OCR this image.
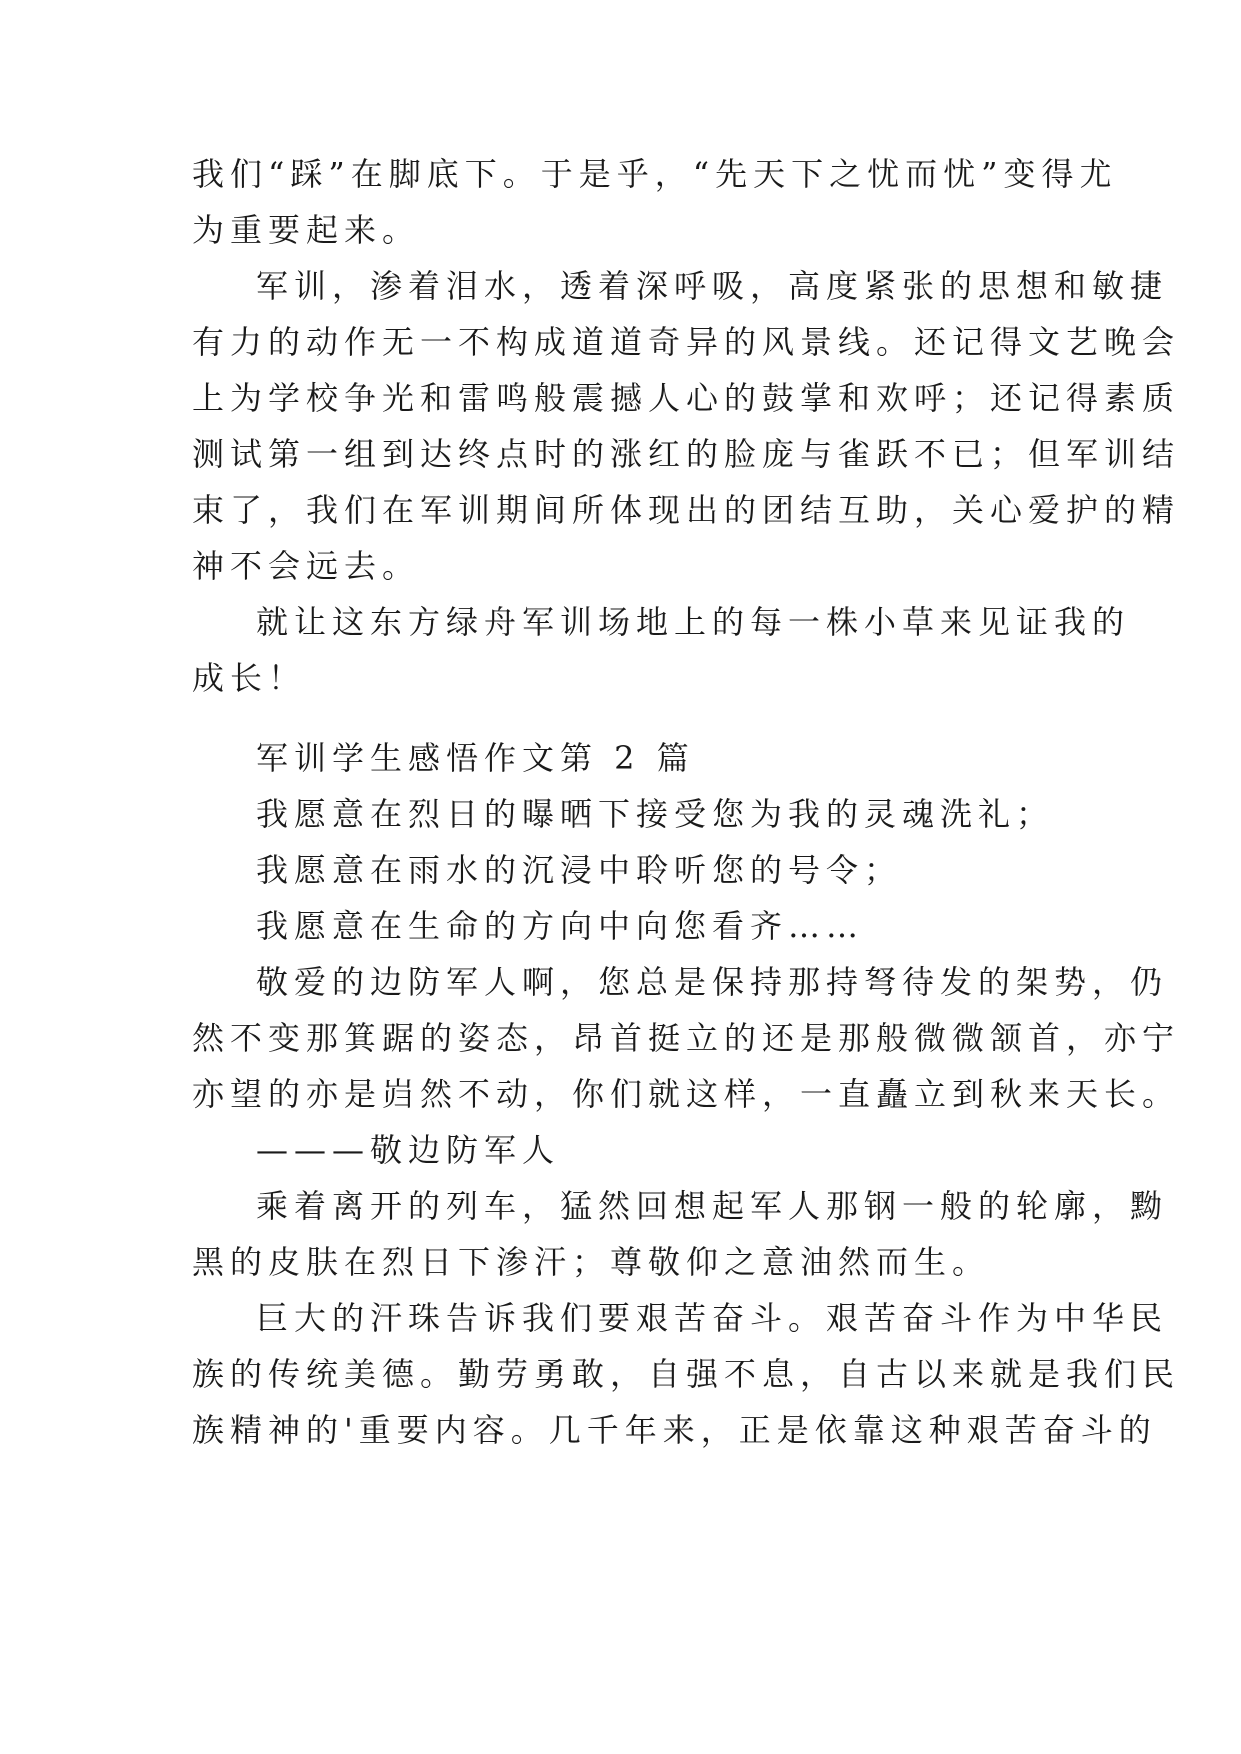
我们“踩”在脚底下。于是乎，“先天下之忧而忧”变得尤
为重要起来。
军训，渗着泪水，透着深呼吸，高度紧张的思想和敏捷
有力的动作无一不构成道道奇异的风景线。还记得文艺晚会
上为学校争光和雷鸣般震撼人心的鼓掌和欢呼；还记得素质
测试第一组到达终点时的涨红的脸庞与雀跃不已；但军训结
束了，我们在军训期间所体现出的团结互助，关心爱护的精
神不会远去。
就让这东方绿舟军训场地上的每一株小草来见证我的
成长！
军训学生感悟作文第 2 篇
我愿意在烈日的曝晒下接受您为我的灵魂洗礼；
我愿意在雨水的沉浸中聆听您的号令；
我愿意在生命的方向中向您看齐……
敬爱的边防军人啊，您总是保持那持弩待发的架势，仍
然不变那箕踞的姿态，昂首挺立的还是那般微微颔首，亦宁
亦望的亦是岿然不动，你们就这样，一直矗立到秋来天长。
———敬边防军人
乘着离开的列车，猛然回想起军人那钢一般的轮廓，黝
黑的皮肤在烈日下渗汗；尊敬仰之意油然而生。
巨大的汗珠告诉我们要艰苦奋斗。艰苦奋斗作为中华民
族的传统美德。勤劳勇敢，自强不息，自古以来就是我们民
族精神的'重要内容。几千年来，正是依靠这种艰苦奋斗的
